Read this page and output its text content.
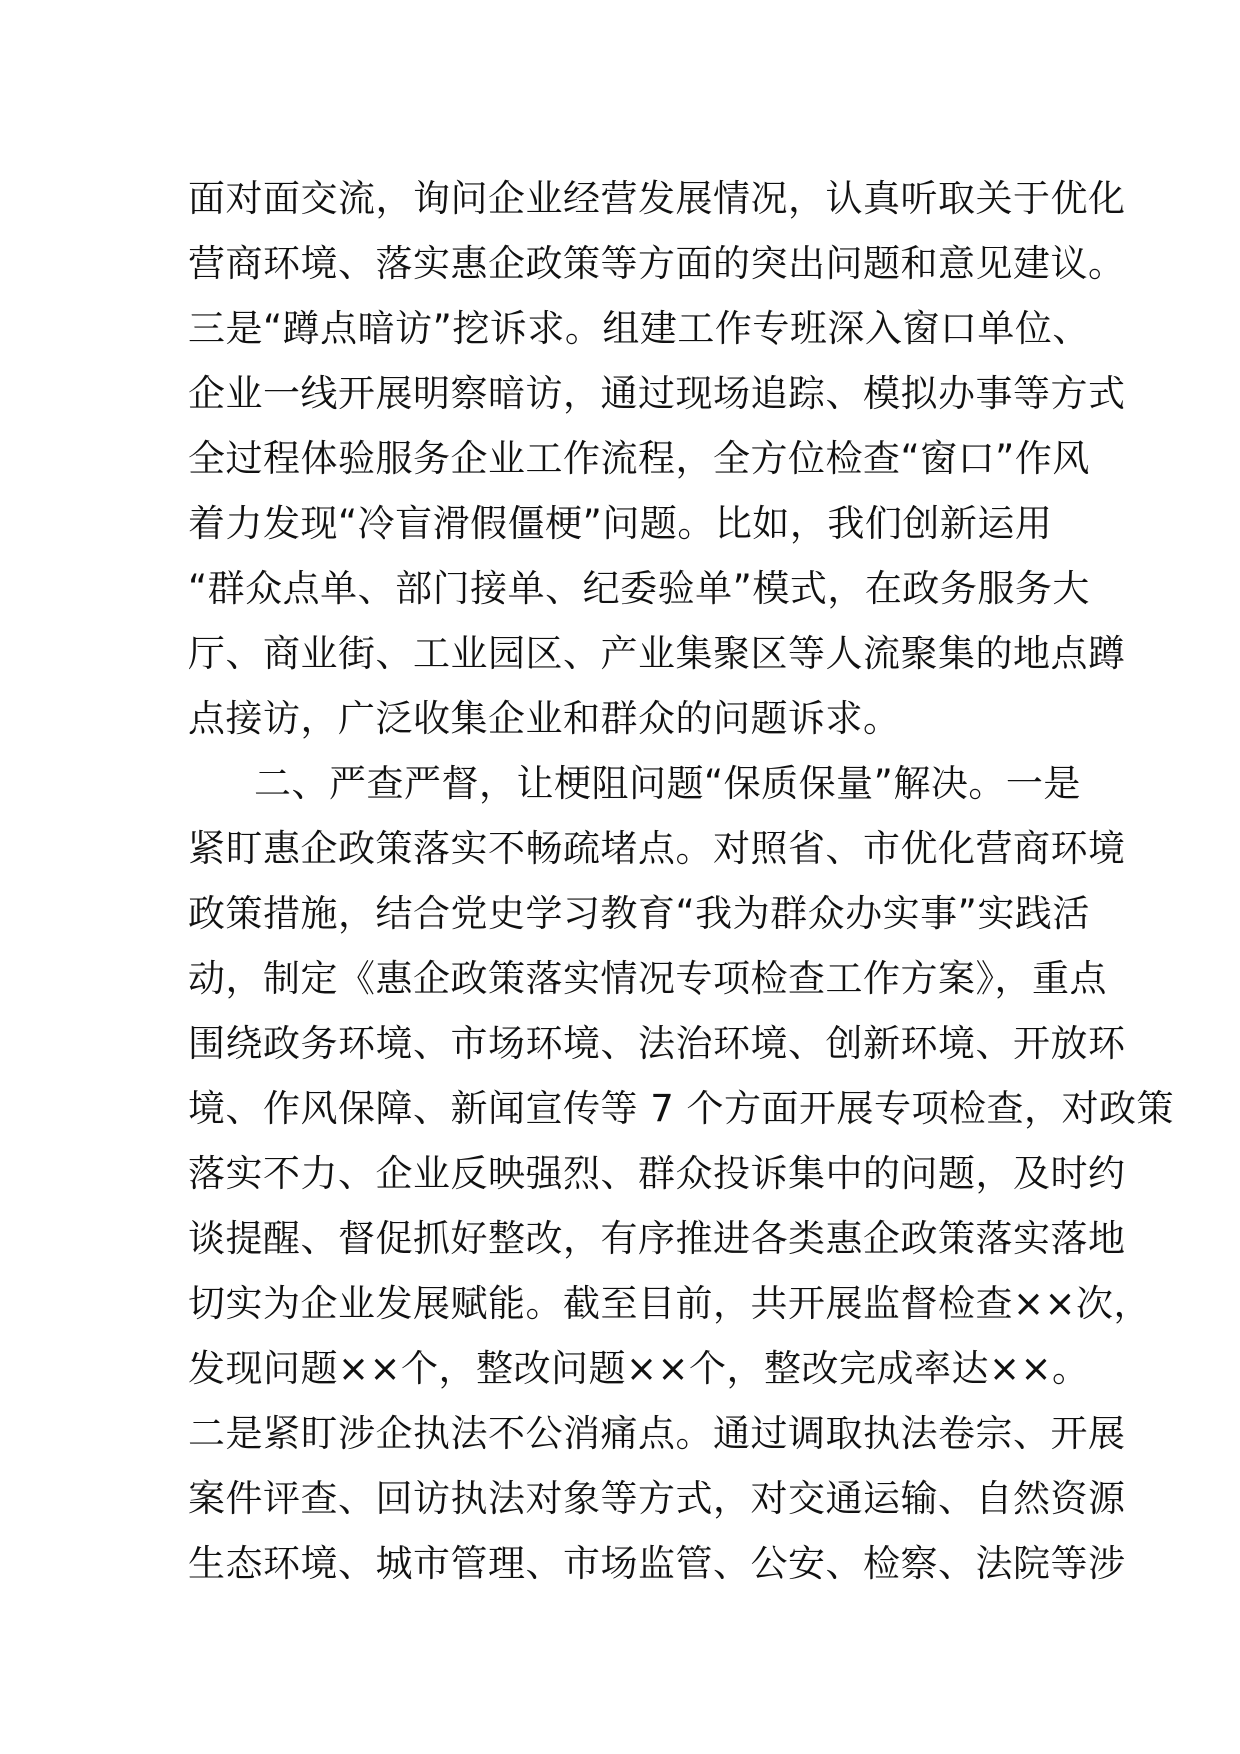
面对面交流，询问企业经营发展情况，认真听取关于优化
营商环境、落实惠企政策等方面的突出问题和意见建议。
三是“蹲点暗访”挖诉求。组建工作专班深入窗口单位、
企业一线开展明察暗访，通过现场追踪、模拟办事等方式
全过程体验服务企业工作流程，全方位检查“窗口”作风
着力发现“冷盲滑假僵梗”问题。比如，我们创新运用
“群众点单、部门接单、纪委验单”模式，在政务服务大
厅、商业街、工业园区、产业集聚区等人流聚集的地点蹲
点接访，广泛收集企业和群众的问题诉求。
二、严查严督，让梗阻问题“保质保量”解决。一是
紧盯惠企政策落实不畅疏堵点。对照省、市优化营商环境
政策措施，结合党史学习教育“我为群众办实事”实践活
动，制定《惠企政策落实情况专项检查工作方案》，重点
围绕政务环境、市场环境、法治环境、创新环境、开放环
境、作风保障、新闻宣传等 7 个方面开展专项检查，对政策
落实不力、企业反映强烈、群众投诉集中的问题，及时约
谈提醒、督促抓好整改，有序推进各类惠企政策落实落地
切实为企业发展赋能。截至目前，共开展监督检查××次，
发现问题××个，整改问题××个，整改完成率达××。
二是紧盯涉企执法不公消痛点。通过调取执法卷宗、开展
案件评查、回访执法对象等方式，对交通运输、自然资源
生态环境、城市管理、市场监管、公安、检察、法院等涉
